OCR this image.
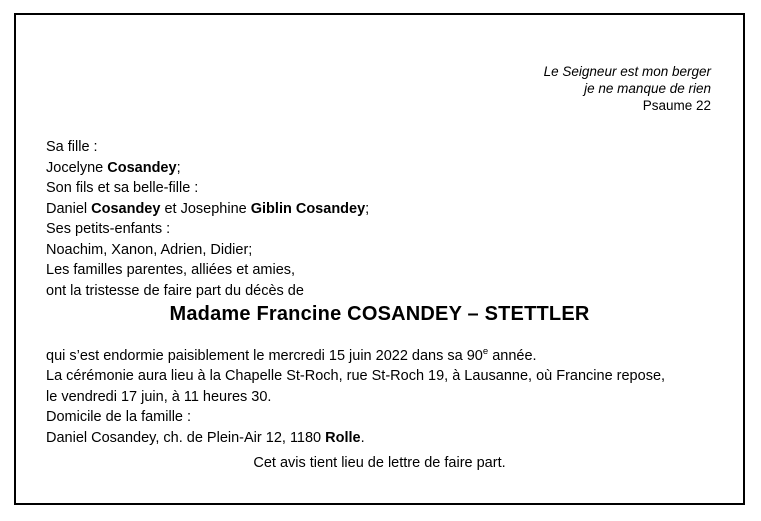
Le Seigneur est mon berger
je ne manque de rien
Psaume 22
Sa fille :
Jocelyne Cosandey;
Son fils et sa belle-fille :
Daniel Cosandey et Josephine Giblin Cosandey;
Ses petits-enfants :
Noachim, Xanon, Adrien, Didier;
Les familles parentes, alliées et amies,
ont la tristesse de faire part du décès de
Madame Francine COSANDEY – STETTLER
qui s’est endormie paisiblement le mercredi 15 juin 2022 dans sa 90e année.
La cérémonie aura lieu à la Chapelle St-Roch, rue St-Roch 19, à Lausanne, où Francine repose,
le vendredi 17 juin, à 11 heures 30.
Domicile de la famille :
Daniel Cosandey, ch. de Plein-Air 12, 1180 Rolle.
Cet avis tient lieu de lettre de faire part.
